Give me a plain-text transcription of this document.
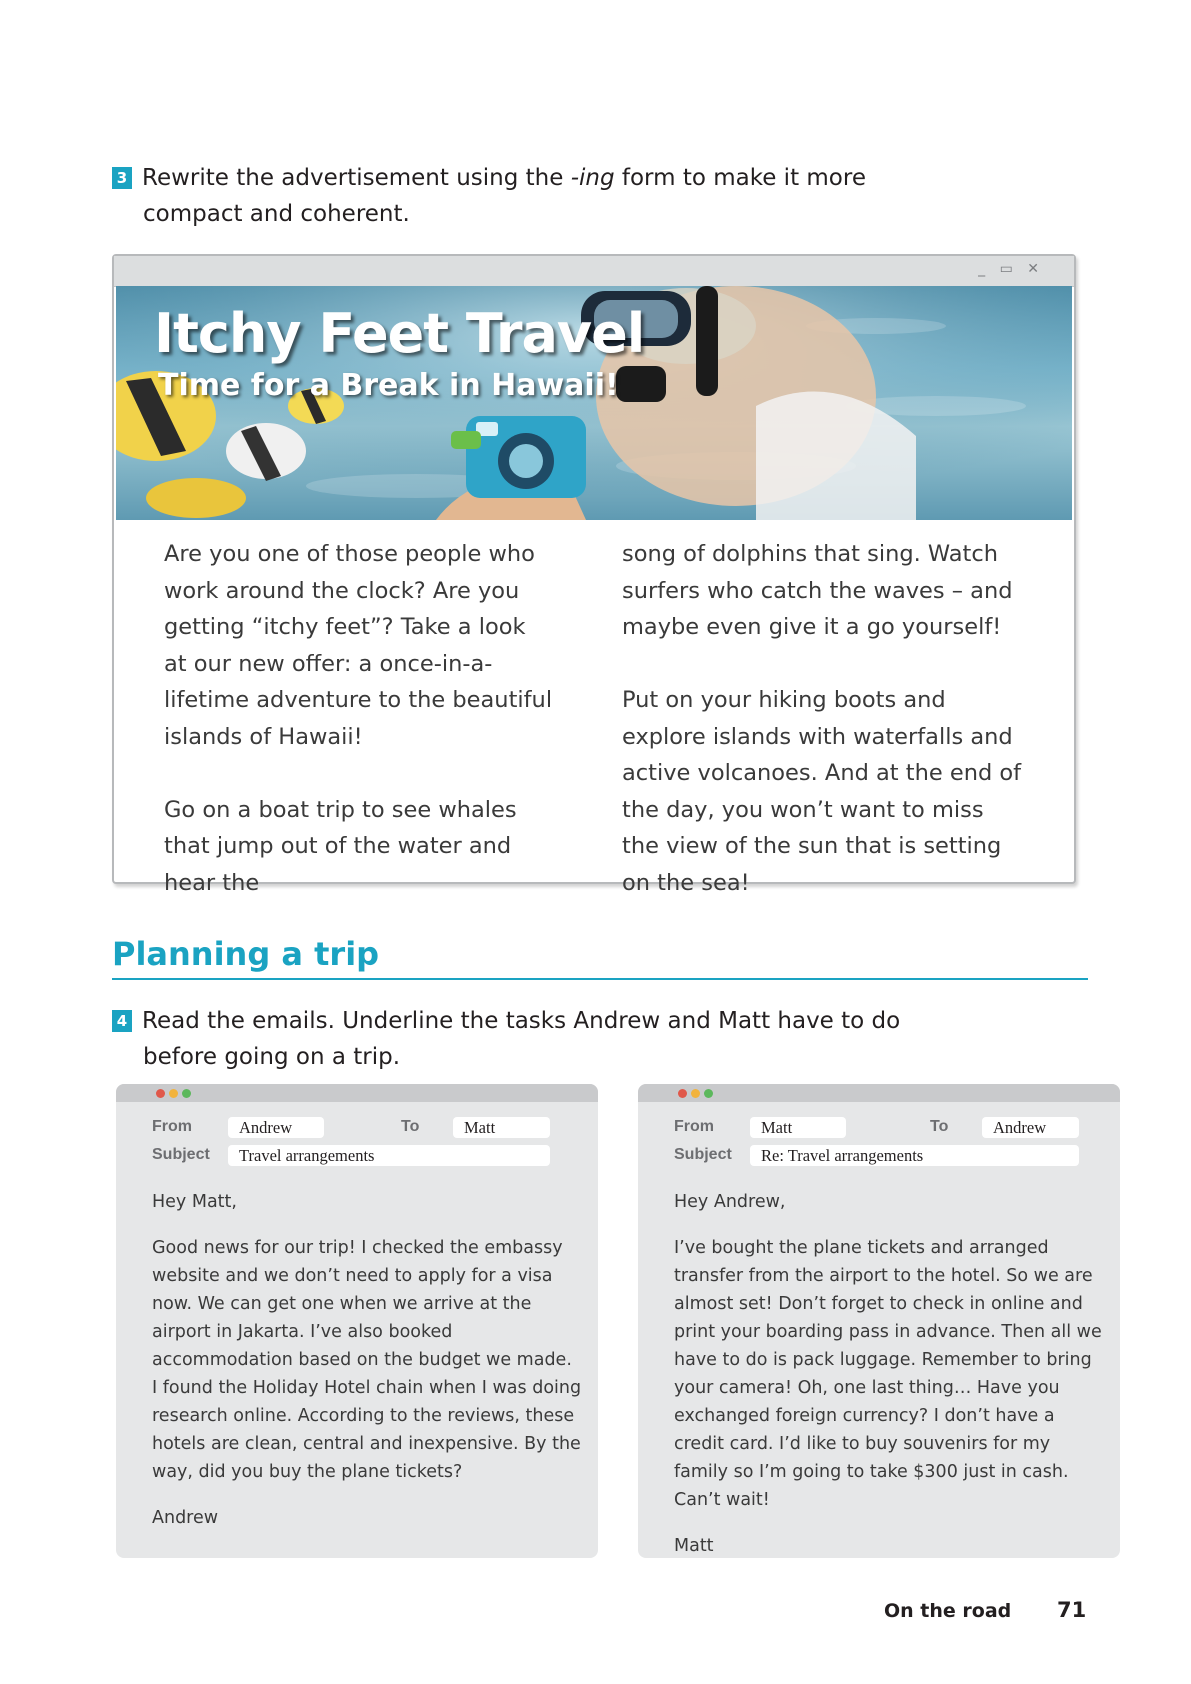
3 Rewrite the advertisement using the -ing form to make it more
compact and coherent.
_ ▭ ✕
Itchy Feet Travel
Time for a Break in Hawaii!

Are you one of those people who work around the clock? Are you getting “itchy feet”? Take a look at our new offer: a once-in-a-lifetime adventure to the beautiful islands of Hawaii!

Go on a boat trip to see whales that jump out of the water and hear the

song of dolphins that sing. Watch surfers who catch the waves – and maybe even give it a go yourself!

Put on your hiking boots and explore islands with waterfalls and active volcanoes. And at the end of the day, you won’t want to miss the view of the sun that is setting on the sea!

Planning a trip
4 Read the emails. Underline the tasks Andrew and Matt have to do
before going on a trip.
From	Andrew	To	Matt
Subject	Travel arrangements

Hey Matt,

Good news for our trip! I checked the embassy website and we don’t need to apply for a visa now. We can get one when we arrive at the airport in Jakarta. I’ve also booked accommodation based on the budget we made. I found the Holiday Hotel chain when I was doing research online. According to the reviews, these hotels are clean, central and inexpensive. By the way, did you buy the plane tickets?

Andrew

From	Matt	To	Andrew
Subject	Re: Travel arrangements

Hey Andrew,

I’ve bought the plane tickets and arranged transfer from the airport to the hotel. So we are almost set! Don’t forget to check in online and print your boarding pass in advance. Then all we have to do is pack luggage. Remember to bring your camera! Oh, one last thing… Have you exchanged foreign currency? I don’t have a credit card. I’d like to buy souvenirs for my family so I’m going to take $300 just in cash. Can’t wait!

Matt

On the road 71
